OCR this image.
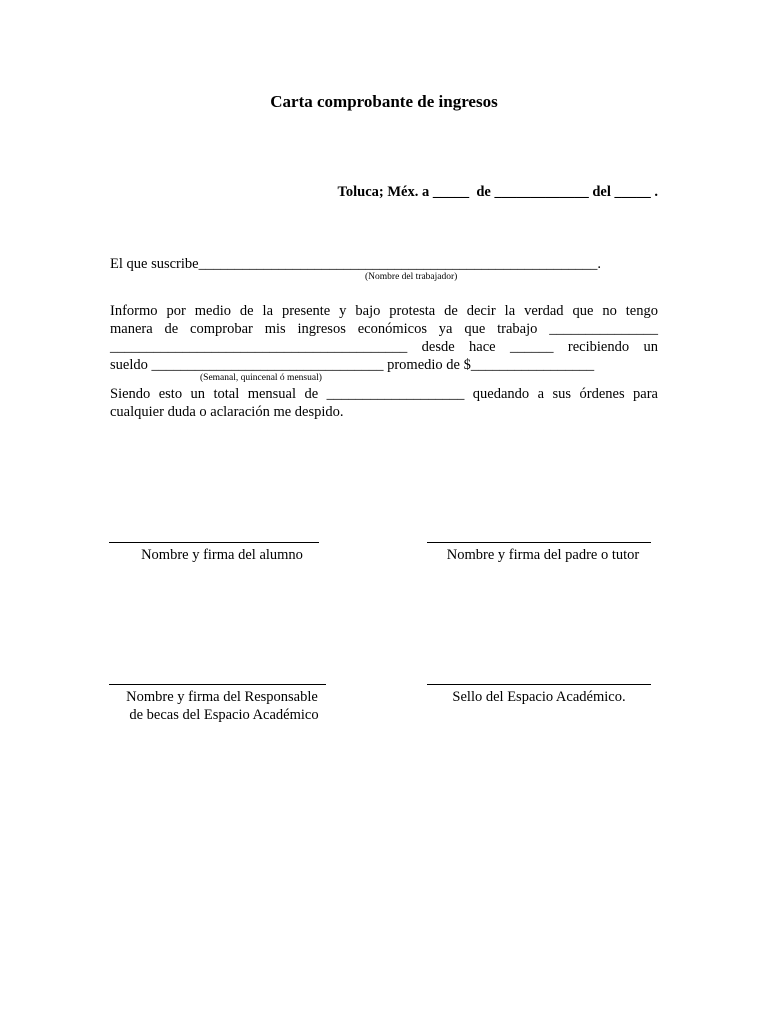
Carta comprobante de ingresos
Toluca; Méx. a _____  de _____________ del _____ .
El que suscribe_______________________________________________________.
(Nombre del trabajador)
Informo por medio de la presente y bajo protesta de decir la verdad que no tengo
manera de comprobar mis ingresos económicos ya que trabajo _______________
_________________________________________ desde hace ______ recibiendo un
sueldo ________________________________ promedio de $_________________
(Semanal, quincenal ó mensual)
Siendo esto un total mensual de ___________________ quedando a sus órdenes para
cualquier duda o aclaración me despido.
Nombre y firma del alumno	Nombre y firma del padre o tutor
Nombre y firma del Responsable
de becas del Espacio Académico
Sello del Espacio Académico.
